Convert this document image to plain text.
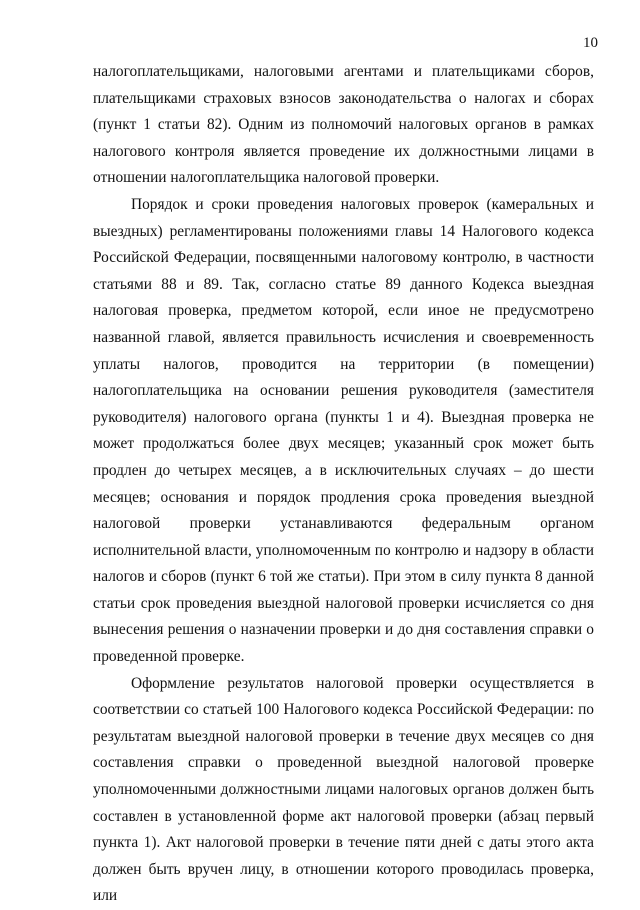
10

налогоплательщиками, налоговыми агентами и плательщиками сборов, плательщиками страховых взносов законодательства о налогах и сборах (пункт 1 статьи 82). Одним из полномочий налоговых органов в рамках налогового контроля является проведение их должностными лицами в отношении налогоплательщика налоговой проверки.

Порядок и сроки проведения налоговых проверок (камеральных и выездных) регламентированы положениями главы 14 Налогового кодекса Российской Федерации, посвященными налоговому контролю, в частности статьями 88 и 89. Так, согласно статье 89 данного Кодекса выездная налоговая проверка, предметом которой, если иное не предусмотрено названной главой, является правильность исчисления и своевременность уплаты налогов, проводится на территории (в помещении) налогоплательщика на основании решения руководителя (заместителя руководителя) налогового органа (пункты 1 и 4). Выездная проверка не может продолжаться более двух месяцев; указанный срок может быть продлен до четырех месяцев, а в исключительных случаях – до шести месяцев; основания и порядок продления срока проведения выездной налоговой проверки устанавливаются федеральным органом исполнительной власти, уполномоченным по контролю и надзору в области налогов и сборов (пункт 6 той же статьи). При этом в силу пункта 8 данной статьи срок проведения выездной налоговой проверки исчисляется со дня вынесения решения о назначении проверки и до дня составления справки о проведенной проверке.

Оформление результатов налоговой проверки осуществляется в соответствии со статьей 100 Налогового кодекса Российской Федерации: по результатам выездной налоговой проверки в течение двух месяцев со дня составления справки о проведенной выездной налоговой проверке уполномоченными должностными лицами налоговых органов должен быть составлен в установленной форме акт налоговой проверки (абзац первый пункта 1). Акт налоговой проверки в течение пяти дней с даты этого акта должен быть вручен лицу, в отношении которого проводилась проверка, или
